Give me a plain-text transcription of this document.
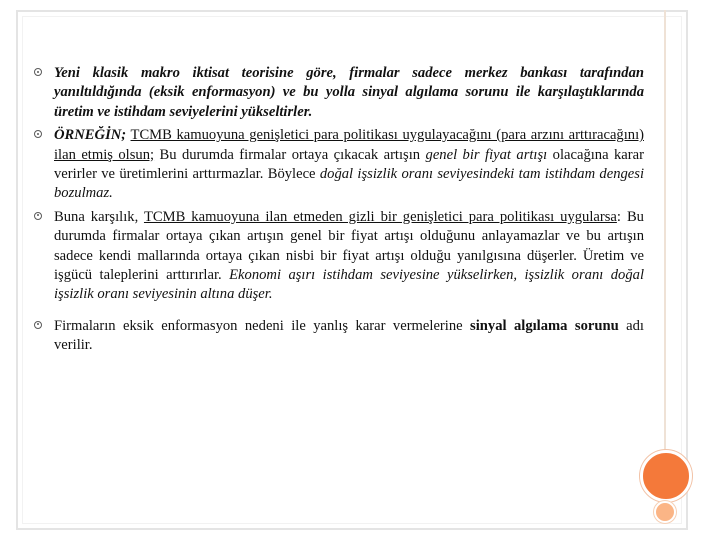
Yeni klasik makro iktisat teorisine göre, firmalar sadece merkez bankası tarafından yanıltıldığında (eksik enformasyon) ve bu yolla sinyal algılama sorunu ile karşılaştıklarında üretim ve istihdam seviyelerini yükseltirler.

ÖRNEĞİN; TCMB kamuoyuna genişletici para politikası uygulayacağını (para arzını arttıracağını) ilan etmiş olsun; Bu durumda firmalar ortaya çıkacak artışın genel bir fiyat artışı olacağına karar verirler ve üretimlerini arttırmazlar. Böylece doğal işsizlik oranı seviyesindeki tam istihdam dengesi bozulmaz.

Buna karşılık, TCMB kamuoyuna ilan etmeden gizli bir genişletici para politikası uygularsa: Bu durumda firmalar ortaya çıkan artışın genel bir fiyat artışı olduğunu anlayamazlar ve bu artışın sadece kendi mallarında ortaya çıkan nisbi bir fiyat artışı olduğu yanılgısına düşerler. Üretim ve işgücü taleplerini arttırırlar. Ekonomi aşırı istihdam seviyesine yükselirken, işsizlik oranı doğal işsizlik oranı seviyesinin altına düşer.

Firmaların eksik enformasyon nedeni ile yanlış karar vermelerine sinyal algılama sorunu adı verilir.
